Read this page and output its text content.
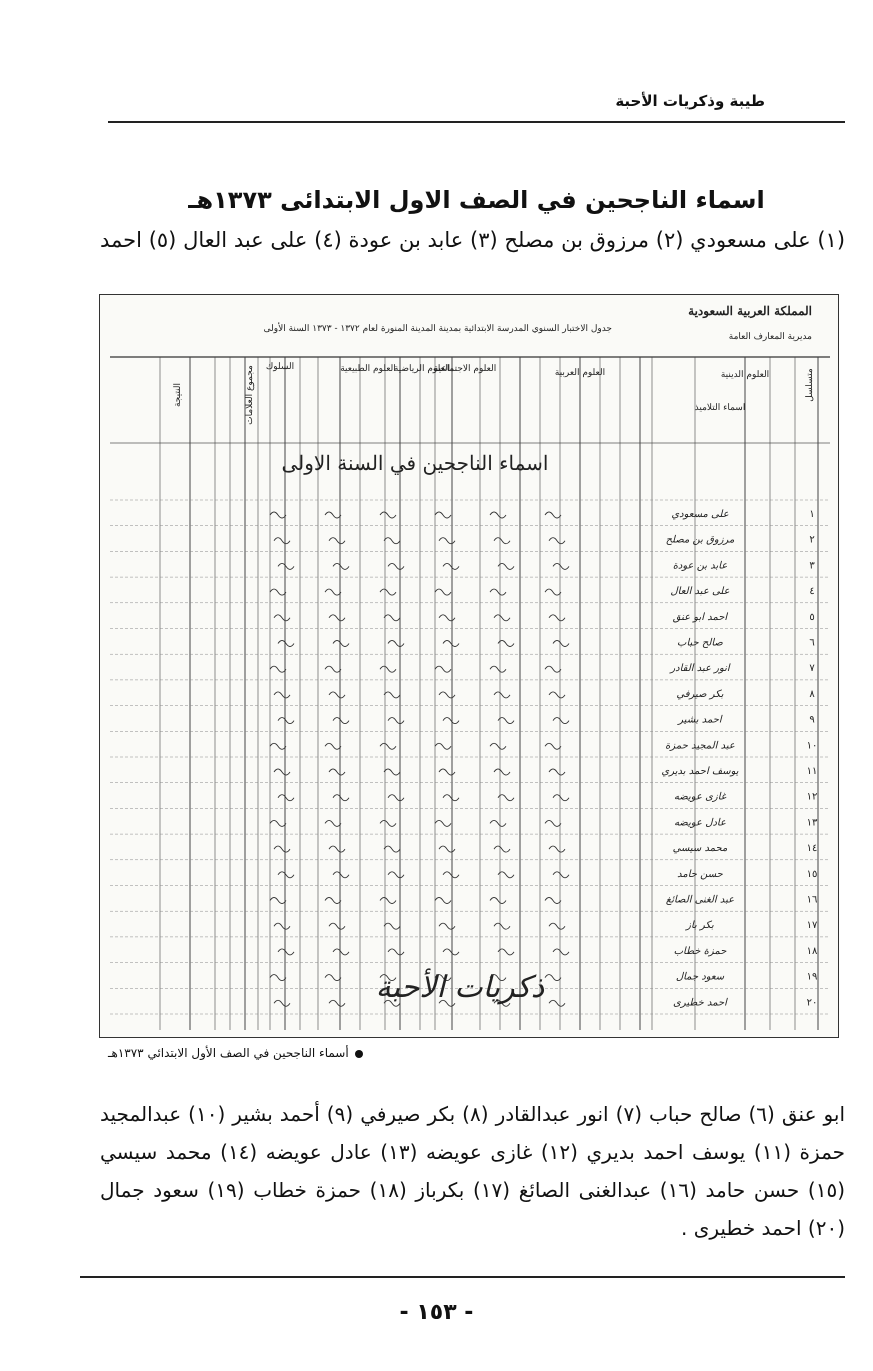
طيبة وذكريات الأحبة
اسماء الناجحين في الصف الاول الابتدائى ١٣٧٣هـ
(١) على مسعودي (٢) مرزوق بن مصلح (٣) عابد بن عودة (٤) على عبد العال (٥) احمد
المملكة العربية السعودية
مديرية المعارف العامة
جدول الاختبار السنوي المدرسة الابتدائية بمدينة المدينة المنورة لعام ١٣٧٢ - ١٣٧٣ السنة الأولى
متسلسل
اسماء التلاميذ
العلوم الدينية
العلوم العربية
العلوم الاجتماعية
العلوم الرياضية
العلوم الطبيعية
السلوك
مجموع العلامات
النتيجة
١
على مسعودي
٢
مرزوق بن مصلح
٣
عابد بن عودة
٤
على عبد العال
٥
احمد ابو عنق
٦
صالح حباب
٧
انور عبد القادر
٨
بكر صيرفي
٩
احمد بشير
١٠
عبد المجيد حمزة
١١
يوسف احمد بديري
١٢
غازى عويضه
١٣
عادل عويضه
١٤
محمد سيسي
١٥
حسن حامد
١٦
عبد الغنى الصائغ
١٧
بكر باز
١٨
حمزة خطاب
١٩
سعود جمال
٢٠
احمد خطيرى
اسماء الناجحين في السنة الاولى
ذكريات الأحبة
أسماء الناجحين في الصف الأول الابتدائي ١٣٧٣هـ
ابو عنق (٦) صالح حباب (٧) انور عبدالقادر (٨) بكر صيرفي (٩) أحمد بشير (١٠) عبدالمجيد حمزة (١١) يوسف احمد بديري (١٢) غازى عويضه (١٣) عادل عويضه (١٤) محمد سيسي (١٥) حسن حامد (١٦) عبدالغنى الصائغ (١٧) بكرباز (١٨) حمزة خطاب (١٩) سعود جمال (٢٠) احمد خطيرى .
- ١٥٣ -
